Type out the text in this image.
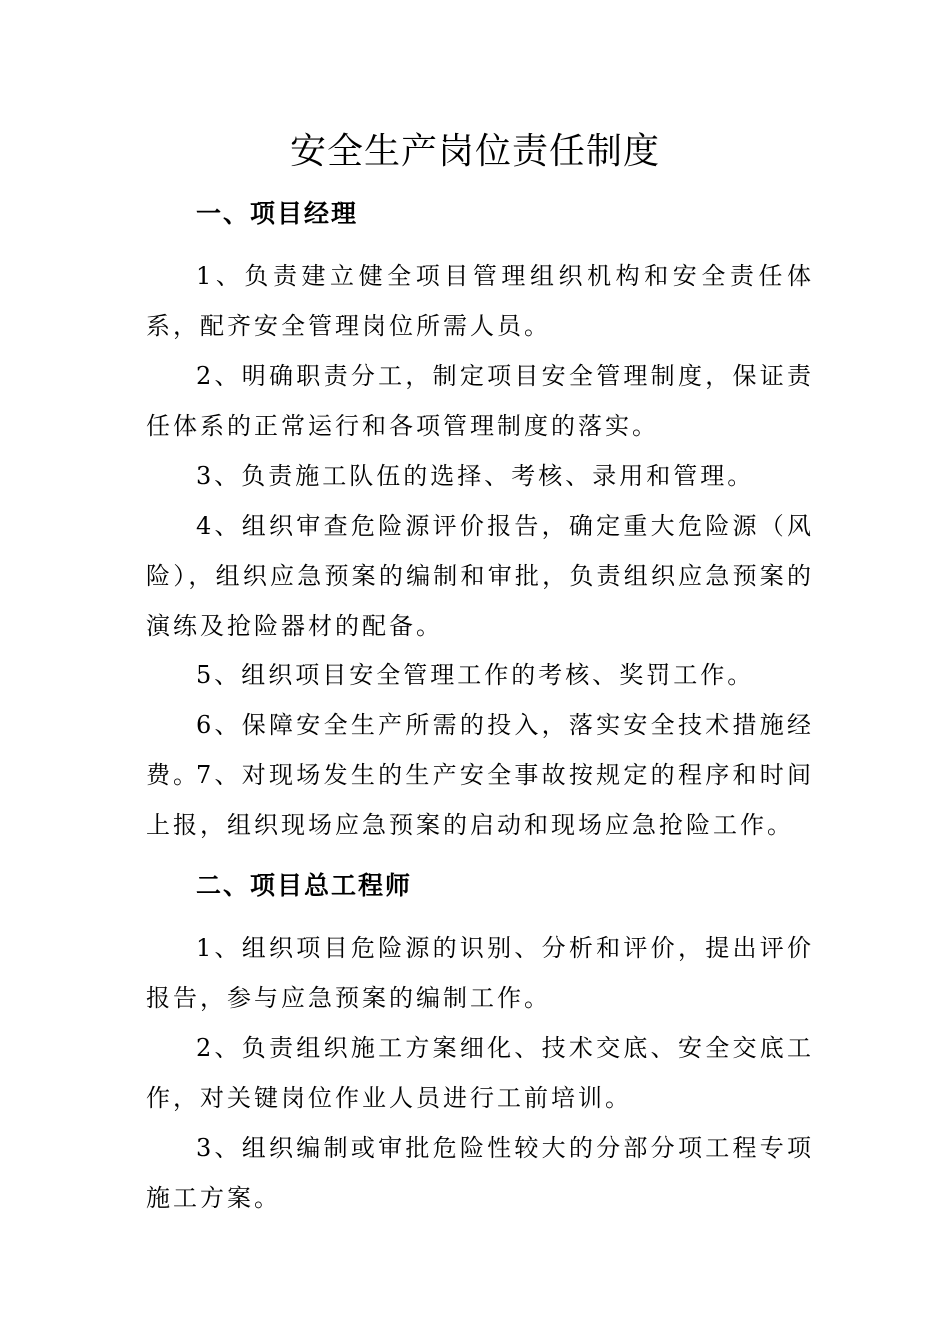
安全生产岗位责任制度
一、项目经理
1、负责建立健全项目管理组织机构和安全责任体系，配齐安全管理岗位所需人员。
2、明确职责分工，制定项目安全管理制度，保证责任体系的正常运行和各项管理制度的落实。
3、负责施工队伍的选择、考核、录用和管理。
4、组织审查危险源评价报告，确定重大危险源（风险），组织应急预案的编制和审批，负责组织应急预案的演练及抢险器材的配备。
5、组织项目安全管理工作的考核、奖罚工作。
6、保障安全生产所需的投入，落实安全技术措施经费。
7、对现场发生的生产安全事故按规定的程序和时间上报，组织现场应急预案的启动和现场应急抢险工作。
二、项目总工程师
1、组织项目危险源的识别、分析和评价，提出评价报告，参与应急预案的编制工作。
2、负责组织施工方案细化、技术交底、安全交底工作，对关键岗位作业人员进行工前培训。
3、组织编制或审批危险性较大的分部分项工程专项施工方案。
